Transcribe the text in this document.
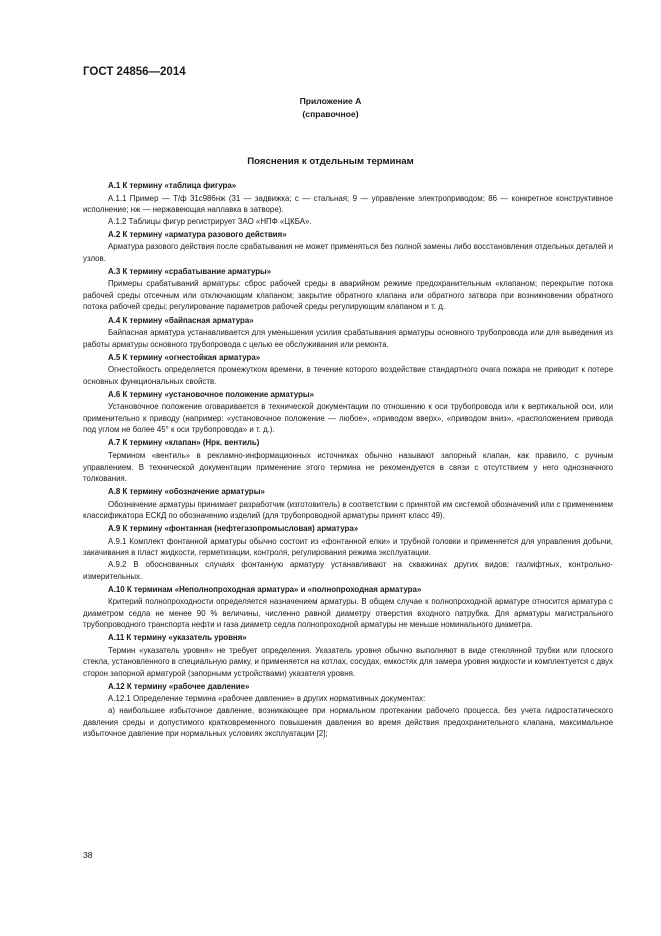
ГОСТ 24856—2014
Приложение А
(справочное)
Пояснения к отдельным терминам

А.1 К термину «таблица фигура»

А.1.1 Пример — Т/ф 31с986нж (31 — задвижка; с — стальная; 9 — управление электроприводом; 86 — конкретное конструктивное исполнение; нж — нержавеющая наплавка в затворе).

А.1.2 Таблицы фигур регистрирует ЗАО «НПФ «ЦКБА».

А.2 К термину «арматура разового действия»

Арматура разового действия после срабатывания не может применяться без полной замены либо восстановления отдельных деталей и узлов.

А.3 К термину «срабатывание арматуры»

Примеры срабатываний арматуры: сброс рабочей среды в аварийном режиме предохранительным «клапаном; перекрытие потока рабочей среды отсечным или отключающим клапаном; закрытие обратного клапана или обратного затвора при возникновении обратного потока рабочей среды; регулирование параметров рабочей среды регулирующим клапаном и т. д.

А.4 К термину «байпасная арматура»

Байпасная арматура устанавливается для уменьшения усилия срабатывания арматуры основного трубопровода или для выведения из работы арматуры основного трубопровода с целью ее обслуживания или ремонта.

А.5 К термину «огнестойкая арматура»

Огнестойкость определяется промежутком времени, в течение которого воздействие стандартного очага пожара не приводит к потере основных функциональных свойств.

А.6 К термину «установочное положение арматуры»

Установочное положение оговаривается в технической документации по отношению к оси трубопровода или к вертикальной оси, или применительно к приводу (например: «установочное положение — любое», «приводом вверх», «приводом вниз», «расположением привода под углом не более 45° к оси трубопровода» и т. д.).

А.7 К термину «клапан» (Нрк. вентиль)

Термином «вентиль» в рекламно-информационных источниках обычно называют запорный клапан, как правило, с ручным управлением. В технической документации применение этого термина не рекомендуется в связи с отсутствием у него однозначного толкования.

А.8 К термину «обозначение арматуры»

Обозначение арматуры принимает разработчик (изготовитель) в соответствии с принятой им системой обозначений или с применением классификатора ЕСКД по обозначению изделий (для трубопроводной арматуры принят класс 49).

А.9 К термину «фонтанная (нефтегазопромысловая) арматура»

А.9.1 Комплект фонтанной арматуры обычно состоит из «фонтанной елки» и трубной головки и применяется для управления добычи, закачивания в пласт жидкости, герметизации, контроля, регулирования режима эксплуатации.

А.9.2 В обоснованных случаях фонтанную арматуру устанавливают на скважинах других видов: газлифтных, контрольно-измерительных.

А.10 К терминам «Неполнопроходная арматура» и «полнопроходная арматура»

Критерий полнопроходности определяется назначением арматуры. В общем случае к полнопроходной арматуре относится арматура с диаметром седла не менее 90 % величины, численно равной диаметру отверстия входного патрубка. Для арматуры магистрального трубопроводного транспорта нефти и газа диаметр седла полнопроходной арматуры не меньше номинального диаметра.

А.11 К термину «указатель уровня»

Термин «указатель уровня» не требует определения. Указатель уровня обычно выполняют в виде стеклянной трубки или плоского стекла, установленного в специальную рамку, и применяется на котлах, сосудах, емкостях для замера уровня жидкости и комплектуется с двух сторон запорной арматурой (запорными устройствами) указателя уровня.

А.12 К термину «рабочее давление»

А.12.1 Определение термина «рабочее давление» в других нормативных документах:

а) наибольшее избыточное давление, возникающее при нормальном протекании рабочего процесса, без учета гидростатического давления среды и допустимого кратковременного повышения давления во время действия предохранительного клапана, максимальное избыточное давление при нормальных условиях эксплуатации [2];

38
